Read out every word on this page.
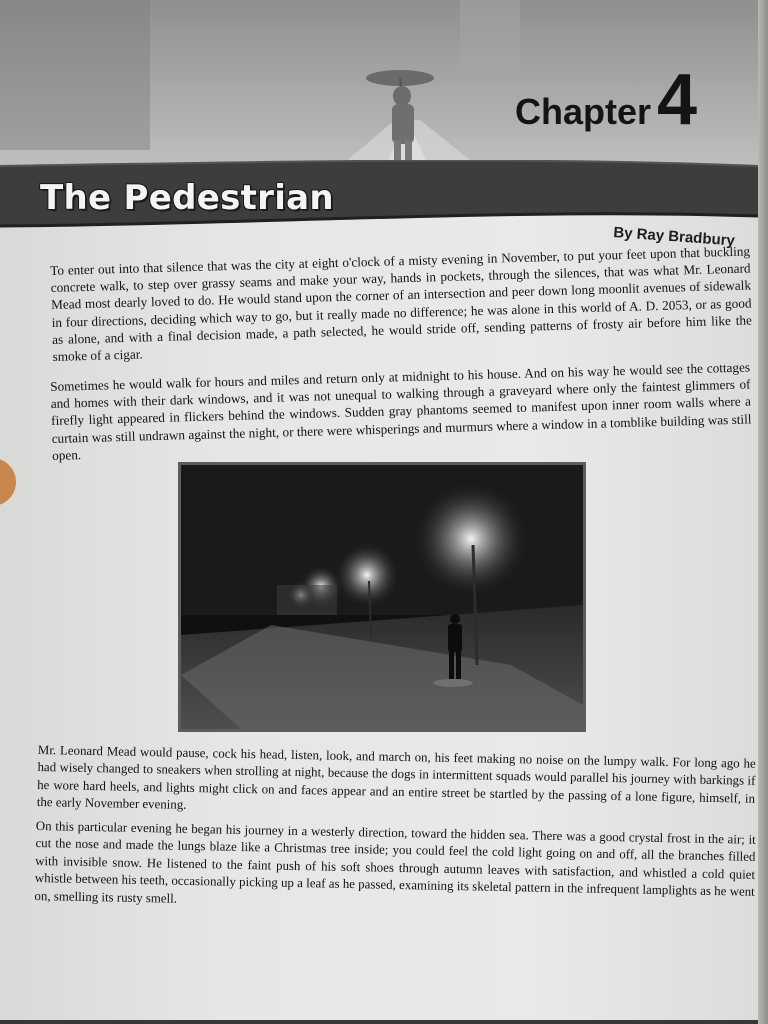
Chapter4
The Pedestrian
By Ray Bradbury

To enter out into that silence that was the city at eight o'clock of a misty evening in November, to put your feet upon that buckling concrete walk, to step over grassy seams and make your way, hands in pockets, through the silences, that was what Mr. Leonard Mead most dearly loved to do. He would stand upon the corner of an intersection and peer down long moonlit avenues of sidewalk in four directions, deciding which way to go, but it really made no difference; he was alone in this world of A. D. 2053, or as good as alone, and with a final decision made, a path selected, he would stride off, sending patterns of frosty air before him like the smoke of a cigar.

Sometimes he would walk for hours and miles and return only at midnight to his house. And on his way he would see the cottages and homes with their dark windows, and it was not unequal to walking through a graveyard where only the faintest glimmers of firefly light appeared in flickers behind the windows. Sudden gray phantoms seemed to manifest upon inner room walls where a curtain was still undrawn against the night, or there were whisperings and murmurs where a window in a tomblike building was still open.

Mr. Leonard Mead would pause, cock his head, listen, look, and march on, his feet making no noise on the lumpy walk. For long ago he had wisely changed to sneakers when strolling at night, because the dogs in intermittent squads would parallel his journey with barkings if he wore hard heels, and lights might click on and faces appear and an entire street be startled by the passing of a lone figure, himself, in the early November evening.

On this particular evening he began his journey in a westerly direction, toward the hidden sea. There was a good crystal frost in the air; it cut the nose and made the lungs blaze like a Christmas tree inside; you could feel the cold light going on and off, all the branches filled with invisible snow. He listened to the faint push of his soft shoes through autumn leaves with satisfaction, and whistled a cold quiet whistle between his teeth, occasionally picking up a leaf as he passed, examining its skeletal pattern in the infrequent lamplights as he went on, smelling its rusty smell.
